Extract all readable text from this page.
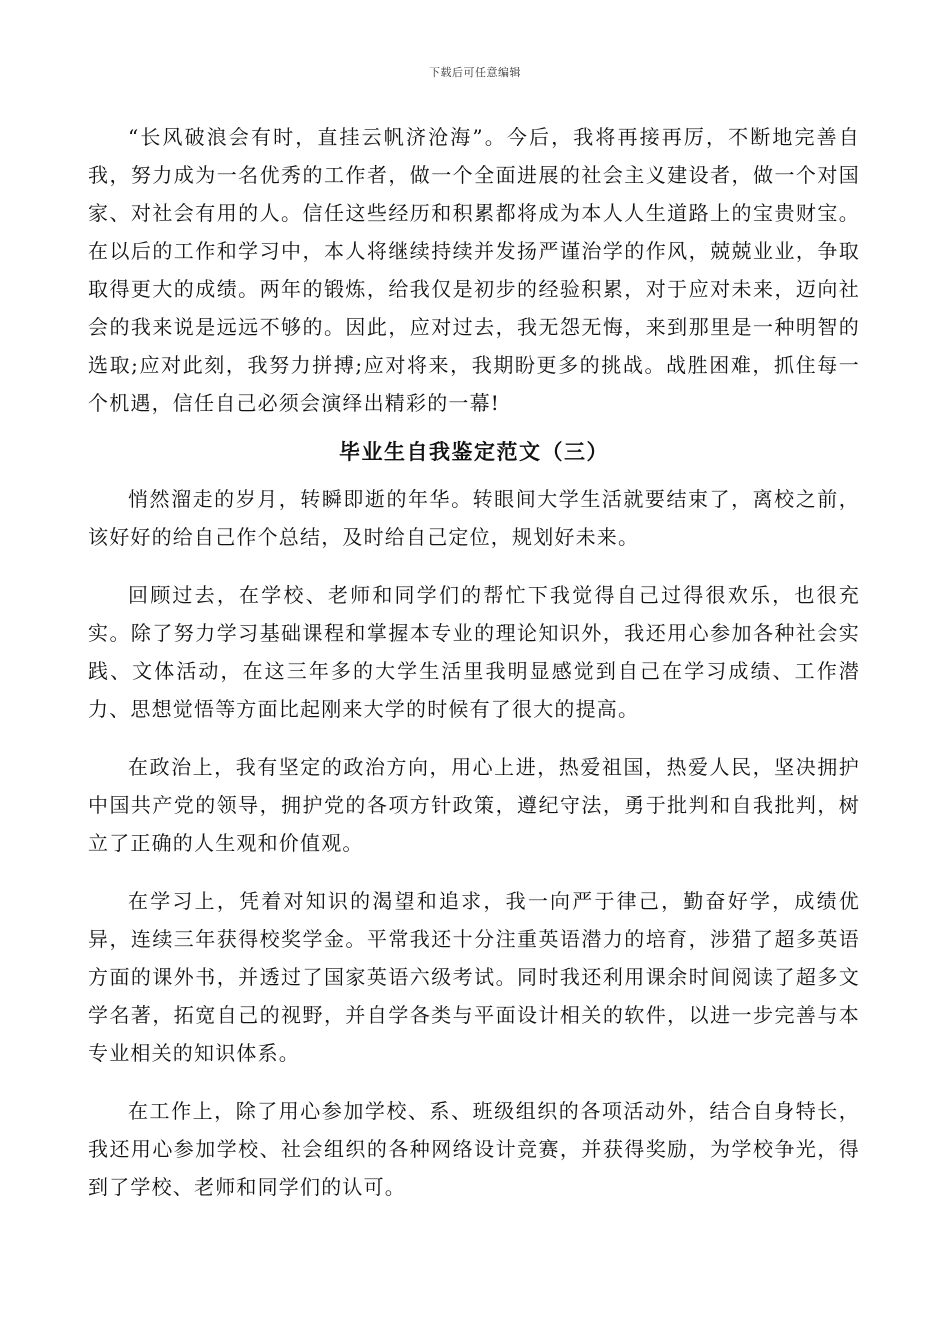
下载后可任意编辑

“长风破浪会有时，直挂云帆济沧海”。今后，我将再接再厉，不断地完善自我，努力成为一名优秀的工作者，做一个全面进展的社会主义建设者，做一个对国家、对社会有用的人。信任这些经历和积累都将成为本人人生道路上的宝贵财宝。在以后的工作和学习中，本人将继续持续并发扬严谨治学的作风，兢兢业业，争取取得更大的成绩。两年的锻炼，给我仅是初步的经验积累，对于应对未来，迈向社会的我来说是远远不够的。因此，应对过去，我无怨无悔，来到那里是一种明智的选取;应对此刻，我努力拼搏;应对将来，我期盼更多的挑战。战胜困难，抓住每一个机遇，信任自己必须会演绎出精彩的一幕!

毕业生自我鉴定范文（三）

悄然溜走的岁月，转瞬即逝的年华。转眼间大学生活就要结束了，离校之前，该好好的给自己作个总结，及时给自己定位，规划好未来。

回顾过去，在学校、老师和同学们的帮忙下我觉得自己过得很欢乐，也很充实。除了努力学习基础课程和掌握本专业的理论知识外，我还用心参加各种社会实践、文体活动，在这三年多的大学生活里我明显感觉到自己在学习成绩、工作潜力、思想觉悟等方面比起刚来大学的时候有了很大的提高。

在政治上，我有坚定的政治方向，用心上进，热爱祖国，热爱人民，坚决拥护中国共产党的领导，拥护党的各项方针政策，遵纪守法，勇于批判和自我批判，树立了正确的人生观和价值观。

在学习上，凭着对知识的渴望和追求，我一向严于律己，勤奋好学，成绩优异，连续三年获得校奖学金。平常我还十分注重英语潜力的培育，涉猎了超多英语方面的课外书，并透过了国家英语六级考试。同时我还利用课余时间阅读了超多文学名著，拓宽自己的视野，并自学各类与平面设计相关的软件，以进一步完善与本专业相关的知识体系。

在工作上，除了用心参加学校、系、班级组织的各项活动外，结合自身特长，我还用心参加学校、社会组织的各种网络设计竞赛，并获得奖励，为学校争光，得到了学校、老师和同学们的认可。
